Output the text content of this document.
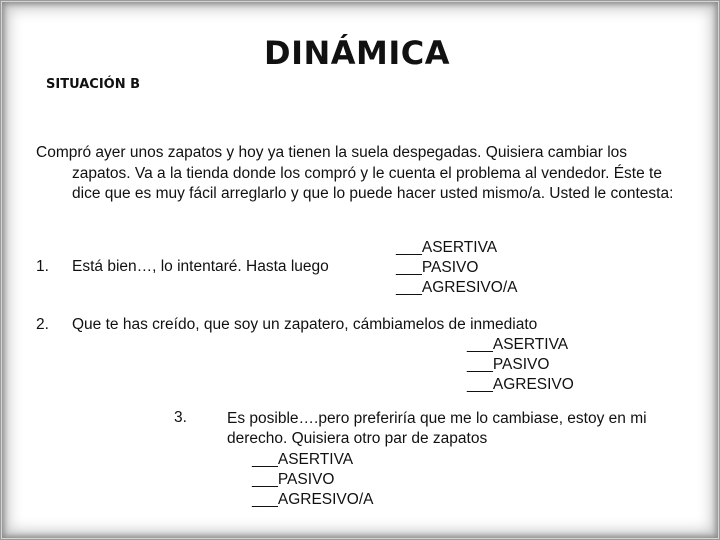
DINÁMICA
SITUACIÓN B
Compró ayer unos zapatos y hoy ya tienen la suela despegadas. Quisiera cambiar los zapatos. Va a la tienda donde los compró y le cuenta el problema al vendedor. Éste te dice que es muy fácil arreglarlo y que lo puede hacer usted mismo/a. Usted le contesta:
1. Está bien…, lo intentaré. Hasta luego
___ASERTIVA
___PASIVO
___AGRESIVO/A
2. Que te has creído, que soy un zapatero, cámbiamelos de inmediato
___ASERTIVA
___PASIVO
___AGRESIVO
3.	Es posible….pero preferiría que me lo cambiase, estoy en mi derecho. Quisiera otro par de zapatos
___ASERTIVA
___PASIVO
___AGRESIVO/A
